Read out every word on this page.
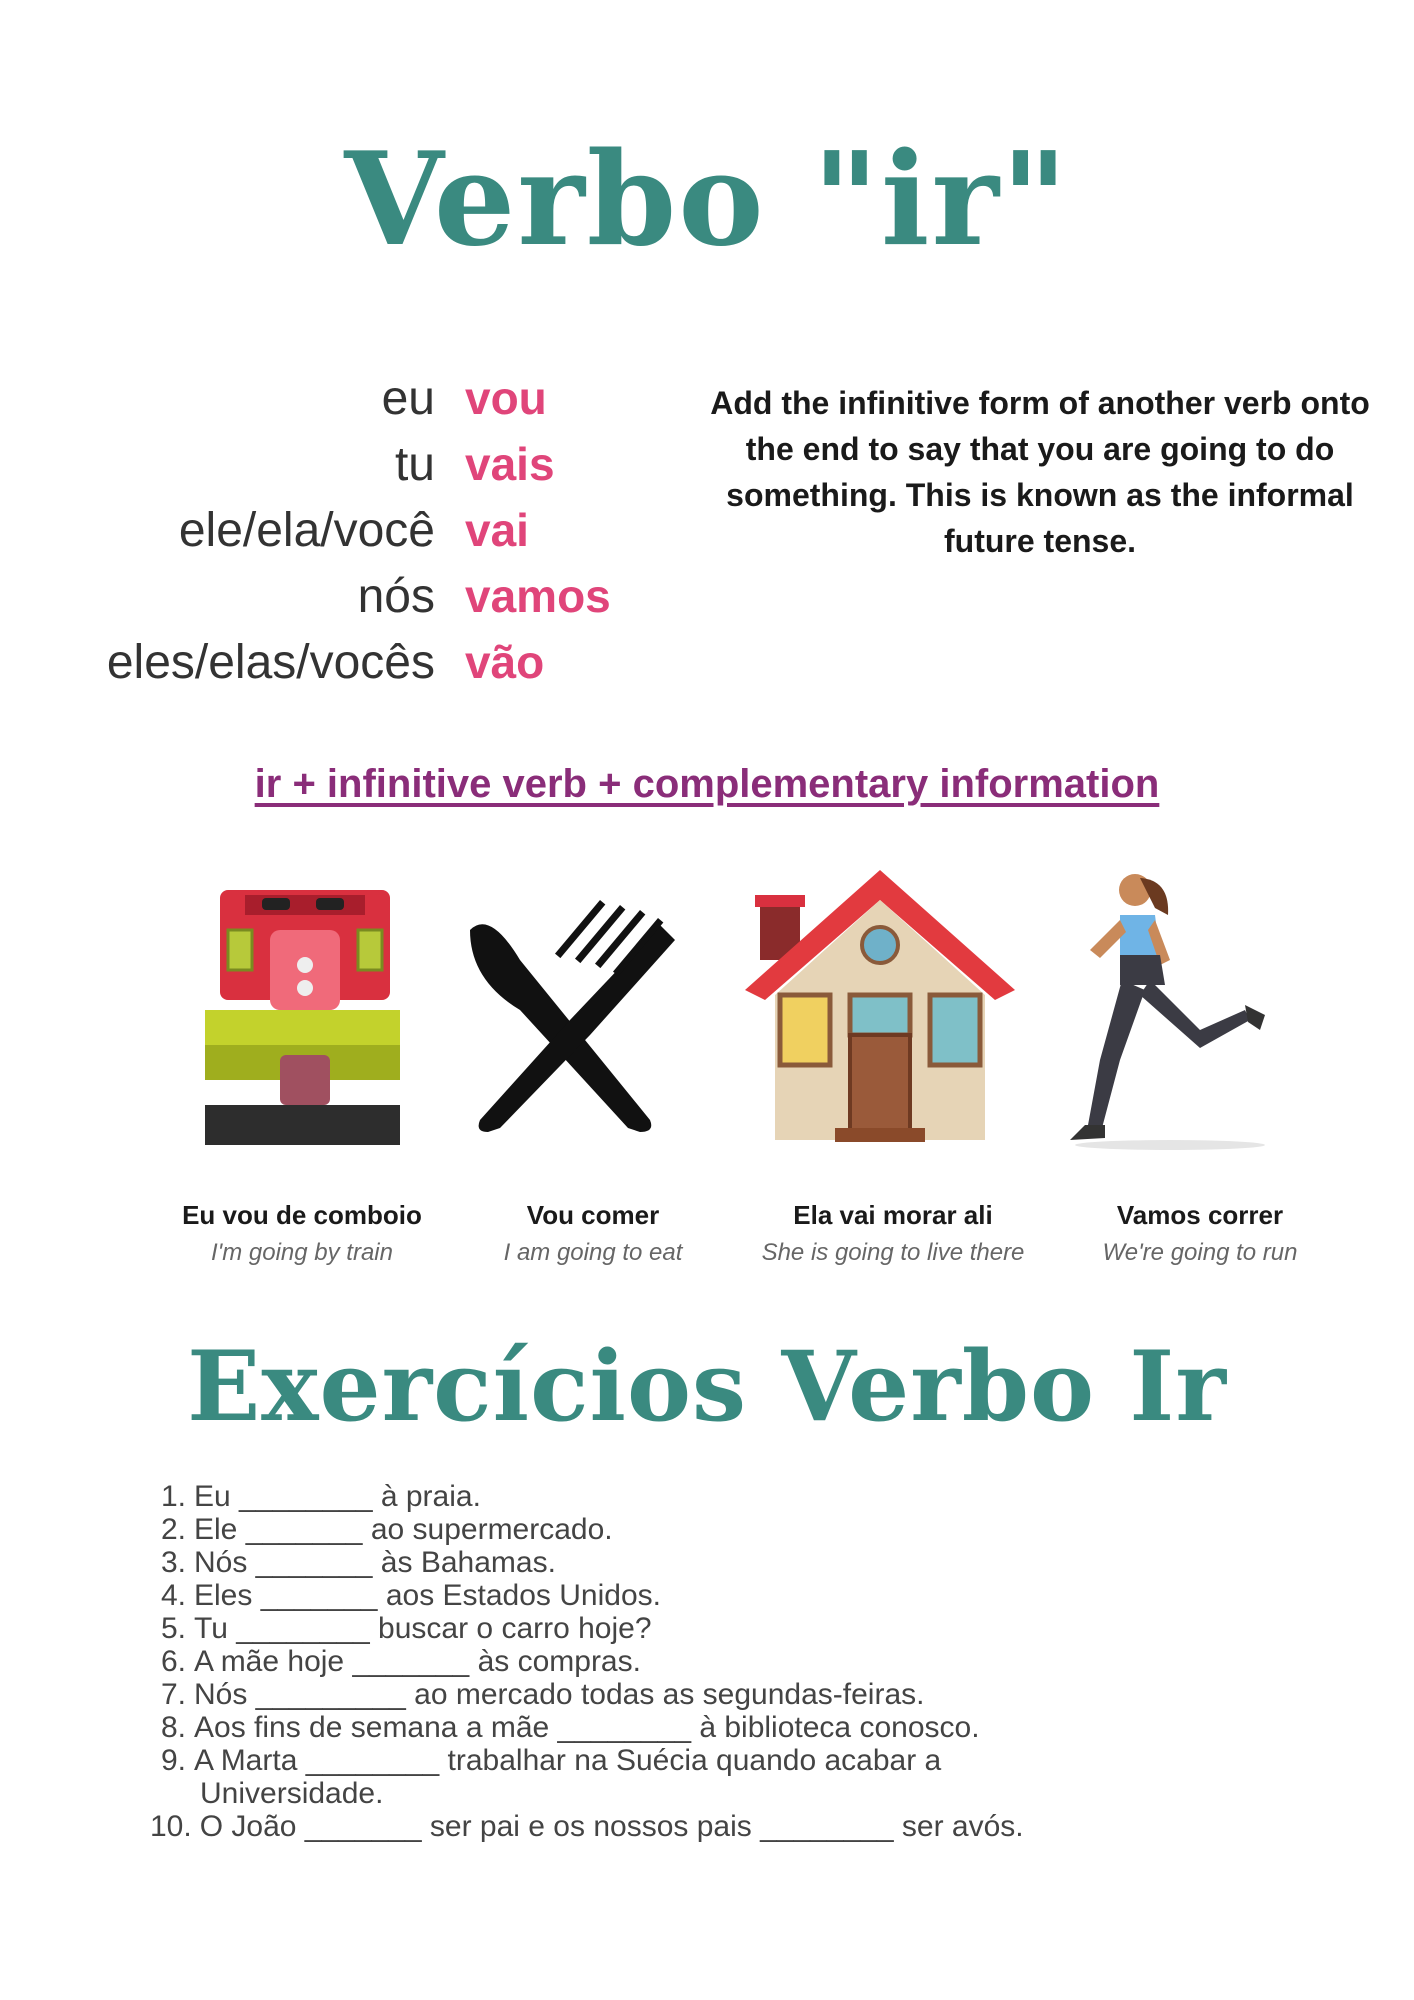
Verbo "ir"
eu vou
tu vais
ele/ela/você vai
nós vamos
eles/elas/vocês vão
Add the infinitive form of another verb onto the end to say that you are going to do something. This is known as the informal future tense.
ir + infinitive verb + complementary information
Eu vou de comboio
I'm going by train
Vou comer
I am going to eat
Ela vai morar ali
She is going to live there
Vamos correr
We're going to run
Exercícios Verbo Ir
1. Eu ________ à praia.
2. Ele _______ ao supermercado.
3. Nós _______ às Bahamas.
4. Eles _______ aos Estados Unidos.
5. Tu ________ buscar o carro hoje?
6. A mãe hoje _______ às compras.
7. Nós _________ ao mercado todas as segundas-feiras.
8. Aos fins de semana a mãe ________ à biblioteca conosco.
9. A Marta ________ trabalhar na Suécia quando acabar a
Universidade.
10. O João _______ ser pai e os nossos pais ________ ser avós.
